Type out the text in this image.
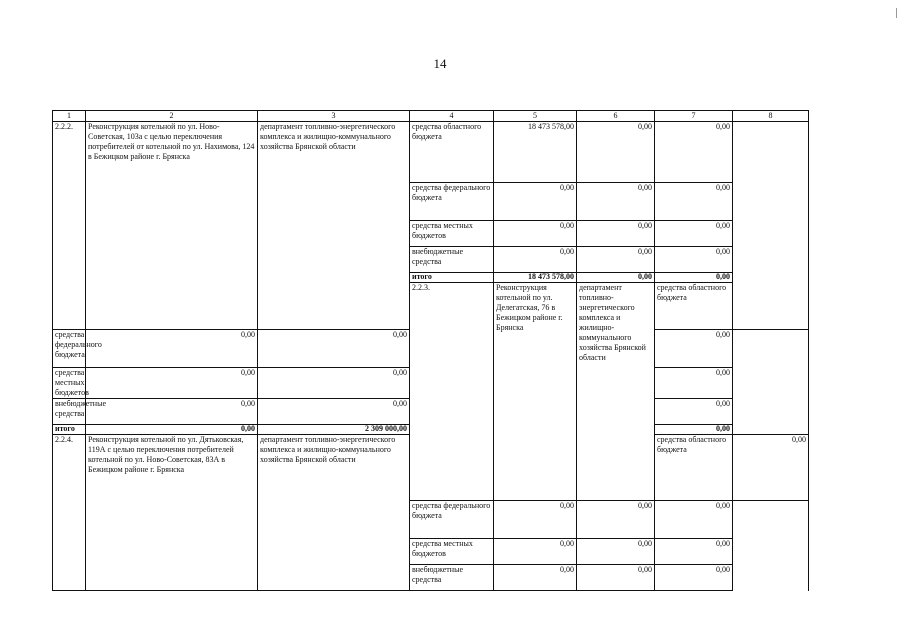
14
1	2	3	4	5	6	7	8	
2.2.2.	Реконструкция котельной по ул. Ново-Советская, 103а с целью переключения потребителей от котельной по ул. Нахимова, 124 в Бежицком районе г. Брянска	департамент топливно-энергетического комплекса и жилищно-коммунального хозяйства Брянской области	средства областного бюджета	18 473 578,00	0,00	0,00		
			средства федерального бюджета	0,00	0,00	0,00		
			средства местных бюджетов	0,00	0,00	0,00		
			внебюджетные средства	0,00	0,00	0,00		
			итого	18 473 578,00	0,00	0,00		
			2.2.3.	Реконструкция котельной по ул. Делегатская, 76 в Бежицком районе г. Брянска	департамент топливно-энергетического комплекса и жилищно-коммунального хозяйства Брянской области	средства областного бюджета				
средства федерального бюджета	0,00	0,00				0,00		
средства местных бюджетов	0,00	0,00				0,00		
внебюджетные средства	0,00	0,00				0,00		
итого	0,00	2 309 000,00				0,00		
2.2.4.	Реконструкция котельной по ул. Дятьковская, 119А с целью переключения потребителей котельной по ул. Ново-Советская, 83А в Бежицком районе г. Брянска	департамент топливно-энергетического комплекса и жилищно-коммунального хозяйства Брянской области				средства областного бюджета	0,00			
			средства федерального бюджета	0,00	0,00	0,00		
			средства местных бюджетов	0,00	0,00	0,00		
			внебюджетные средства	0,00	0,00	0,00		
